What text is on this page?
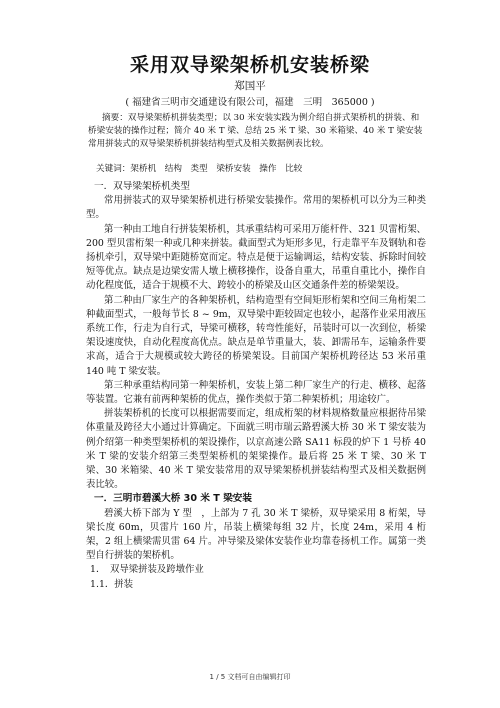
采用双导梁架桥机安装桥梁
郑国平
( 福建省三明市交通建设有限公司，福建　三明　365000 )

摘要：双导梁架桥机拼装类型；以 30 米安装实践为例介绍自拼式架桥机的拼装、和桥梁安装的操作过程；简介 40 米 T 梁、总结 25 米 T 梁、30 米箱梁、40 米 T 梁安装常用拼装式的双导梁架桥机拼装结构型式及相关数据例表比较。

关键词：架桥机　结构　类型　梁桥安装　操作　比较

一．双导梁架桥机类型

常用拼装式的双导梁架桥机进行桥梁安装操作。常用的架桥机可以分为三种类型。

第一种由工地自行拼装架桥机，其承重结构可采用万能杆件、321 贝雷桁架、200 型贝雷桁架一种或几种来拼装。截面型式为矩形多见，行走靠平车及钢轨和卷扬机牵引，双导梁中距随桥宽而定。特点是便于运输调运，结构安装、拆除时间较短等优点。缺点是边梁安需人墩上横移操作，设备自重大，吊重自重比小，操作自动化程度低，适合于规模不大、跨较小的桥梁及山区交通条件差的桥梁架设。

第二种由厂家生产的各种架桥机，结构造型有空间矩形桁架和空间三角桁架二种截面型式，一般每节长 8 ~ 9m，双导梁中距较固定也较小，起落作业采用液压系统工作，行走为自行式，导梁可横移，转弯性能好，吊装时可以一次到位，桥梁架设速度快，自动化程度高优点。缺点是单节重量大，装、卸需吊车，运输条件要求高，适合于大规模或较大跨径的桥梁架设。目前国产架桥机跨径达 53 米吊重 140 吨 T 梁安装。

第三种承重结构同第一种架桥机，安装上第二种厂家生产的行走、横移、起落等装置。它兼有前两种架桥的优点，操作类似于第二种架桥机；用途较广。

拼装架桥机的长度可以根据需要而定，组成桁架的材料规格数量应根据待吊梁体重量及跨径大小通过计算确定。下面就三明市瑞云路碧溪大桥 30 米 T 梁安装为例介绍第一种类型架桥机的架设操作，以京高速公路 SA11 标段的炉下 1 号桥 40 米 T 梁的安装介绍第三类型架桥机的架梁操作。最后将 25 米 T 梁、30 米 T 梁、30 米箱梁、40 米 T 梁安装常用的双导梁架桥机拼装结构型式及相关数据例表比较。

一．三明市碧溪大桥 30 米 T 梁安装

碧溪大桥下部为 Y 型　，上部为 7 孔 30 米 T 梁桥，双导梁采用 8 桁架，导梁长度 60m，贝雷片 160 片，吊装上横梁每组 32 片，长度 24m，采用 4 桁架，2 组上横梁需贝雷 64 片。冲导梁及梁体安装作业均靠卷扬机工作。属第一类型自行拼装的架桥机。

1．　双导梁拼装及跨墩作业
1.1．拼装
1 / 5 文档可自由编辑打印
